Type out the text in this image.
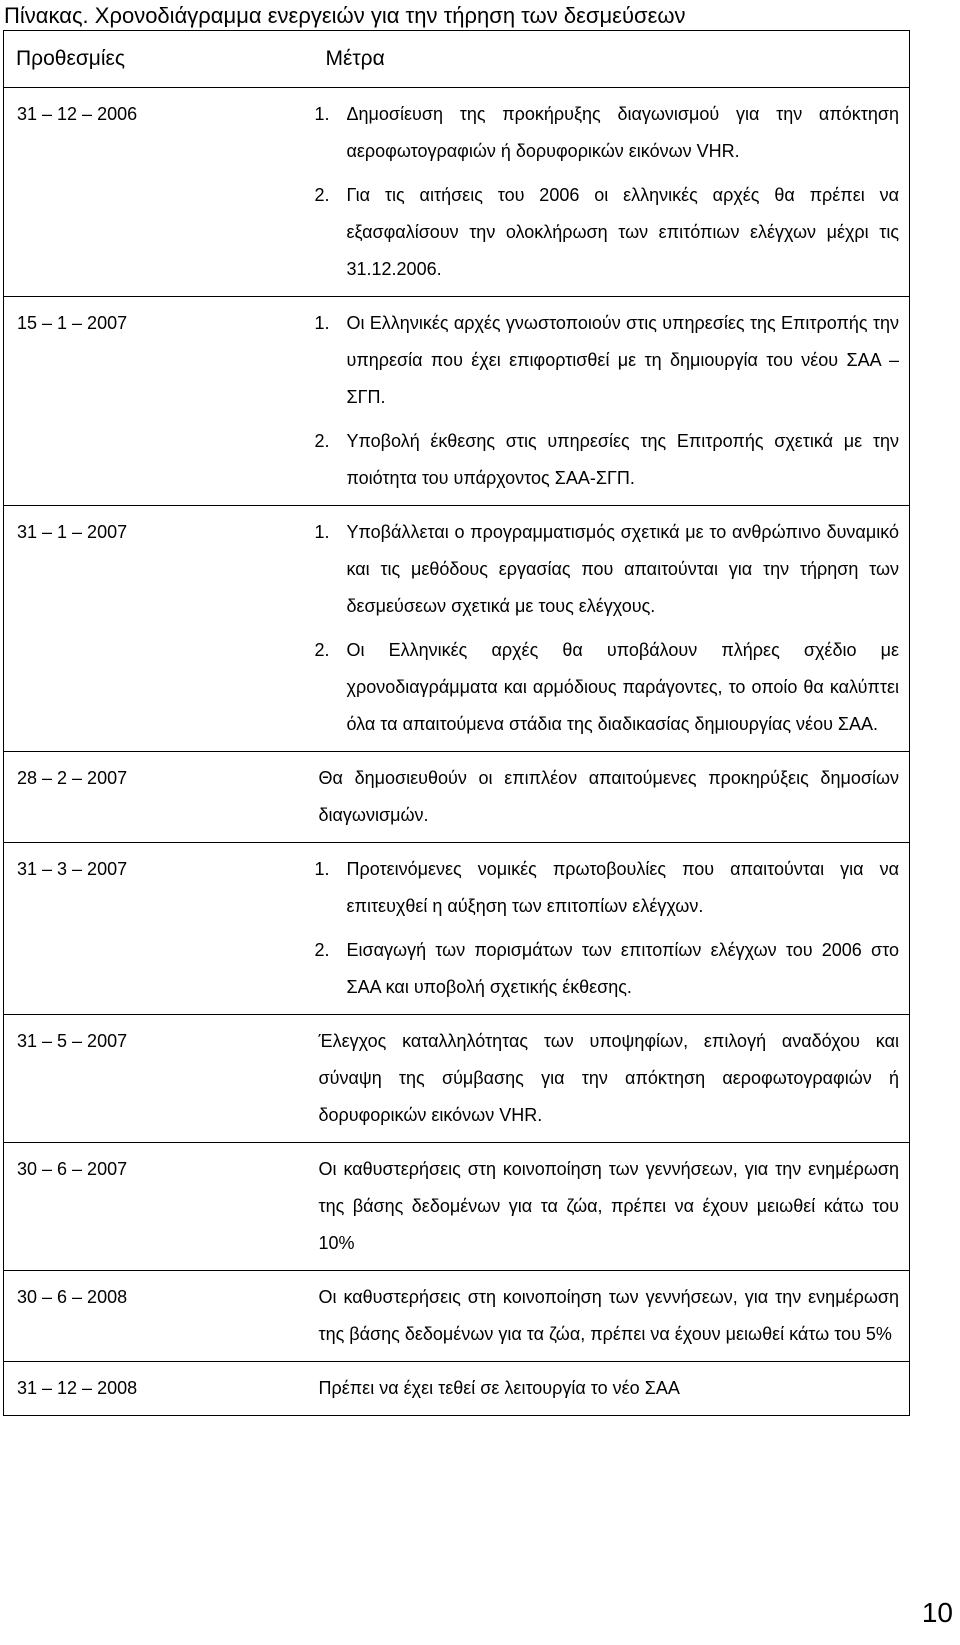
Πίνακας. Χρονοδιάγραμμα ενεργειών για την τήρηση των δεσμεύσεων
Προθεσμίες	Μέτρα
31 – 12 – 2006	1. Δημοσίευση της προκήρυξης διαγωνισμού για την απόκτηση αεροφωτογραφιών ή δορυφορικών εικόνων VHR.
2. Για τις αιτήσεις του 2006 οι ελληνικές αρχές θα πρέπει να εξασφαλίσουν την ολοκλήρωση των επιτόπιων ελέγχων μέχρι τις 31.12.2006.

15 – 1 – 2007	1. Οι Ελληνικές αρχές γνωστοποιούν στις υπηρεσίες της Επιτροπής την υπηρεσία που έχει επιφορτισθεί με τη δημιουργία του νέου ΣΑΑ – ΣΓΠ.
2. Υποβολή έκθεσης στις υπηρεσίες της Επιτροπής σχετικά με την ποιότητα του υπάρχοντος ΣΑΑ-ΣΓΠ.

31 – 1 – 2007	1. Υποβάλλεται ο προγραμματισμός σχετικά με το ανθρώπινο δυναμικό και τις μεθόδους εργασίας που απαιτούνται για την τήρηση των δεσμεύσεων σχετικά με τους ελέγχους.
2. Οι Ελληνικές αρχές θα υποβάλουν πλήρες σχέδιο με χρονοδιαγράμματα και αρμόδιους παράγοντες, το οποίο θα καλύπτει όλα τα απαιτούμενα στάδια της διαδικασίας δημιουργίας νέου ΣΑΑ.

28 – 2 – 2007	Θα δημοσιευθούν οι επιπλέον απαιτούμενες προκηρύξεις δημοσίων διαγωνισμών.

31 – 3 – 2007	1. Προτεινόμενες νομικές πρωτοβουλίες που απαιτούνται για να επιτευχθεί η αύξηση των επιτοπίων ελέγχων.
2. Εισαγωγή των πορισμάτων των επιτοπίων ελέγχων του 2006 στο ΣΑΑ και υποβολή σχετικής έκθεσης.

31 – 5 – 2007	Έλεγχος καταλληλότητας των υποψηφίων, επιλογή αναδόχου και σύναψη της σύμβασης για την απόκτηση αεροφωτογραφιών ή δορυφορικών εικόνων VHR.

30 – 6 – 2007	Οι καθυστερήσεις στη κοινοποίηση των γεννήσεων, για την ενημέρωση της βάσης δεδομένων για τα ζώα, πρέπει να έχουν μειωθεί κάτω του 10%

30 – 6 – 2008	Οι καθυστερήσεις στη κοινοποίηση των γεννήσεων, για την ενημέρωση της βάσης δεδομένων για τα ζώα, πρέπει να έχουν μειωθεί κάτω του 5%

31 – 12 – 2008	Πρέπει να έχει τεθεί σε λειτουργία το νέο ΣΑΑ
10
